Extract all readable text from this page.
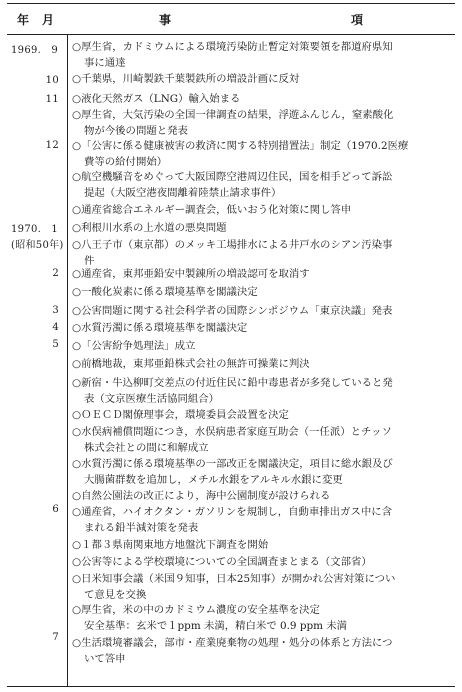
年 月	事	項
1969.　9
10
11
12
1970.　1
(昭和50年)
2
3
4
5
6
7
○厚生省，カドミウムによる環境汚染防止暫定対策要領を都道府県知
事に通達
○千葉県，川崎製鉄千葉製鉄所の増設計画に反対
○液化天然ガス（LNG）輸入始まる
○厚生省，大気汚染の全国一律調査の結果，浮遊ふんじん，窒素酸化
物が今後の問題と発表
○「公害に係る健康被害の救済に関する特別措置法」制定（1970.2医療
費等の給付開始）
○航空機騒音をめぐって大阪国際空港周辺住民，国を相手どって訴訟
提起（大阪空港夜間離着陸禁止請求事件）
○通産省総合エネルギー調査会，低いおう化対策に関し答申
○利根川水系の上水道の悪臭問題
○八王子市（東京都）のメッキ工場排水による井戸水のシアン汚染事
件
○通産省，東邦亜鉛安中製錬所の増設認可を取消す
○一酸化炭素に係る環境基準を閣議決定
○公害問題に関する社会科学者の国際シンポジウム「東京決議」発表
○水質汚濁に係る環境基準を閣議決定
○「公害紛争処理法」成立
○前橋地裁，東邦亜鉛株式会社の無許可操業に判決
○新宿・牛込柳町交差点の付近住民に鉛中毒患者が多発していると発
表（文京医療生活協同組合）
○ＯＥＣＤ閣僚理事会，環境委員会設置を決定
○水俣病補償問題につき，水俣病患者家庭互助会（一任派）とチッソ
株式会社との間に和解成立
○水質汚濁に係る環境基準の一部改正を閣議決定，項目に総水銀及び
大腸菌群数を追加し，メチル水銀をアルキル水銀に変更
○自然公園法の改正により，海中公園制度が設けられる
○通産省，ハイオクタン・ガソリンを規制し，自動車排出ガス中に含
まれる鉛半減対策を発表
○１都３県南関東地方地盤沈下調査を開始
○公害等による学校環境についての全国調査まとまる（文部省）
○日米知事会議（米国９知事，日本25知事）が開かれ公害対策につい
て意見を交換
○厚生省，米の中のカドミウム濃度の安全基準を決定
安全基準：玄米で１ppm 未満，精白米で 0.9 ppm 未満
○生活環境審議会，部市・産業廃棄物の処理・処分の体系と方法につ
いて答申
